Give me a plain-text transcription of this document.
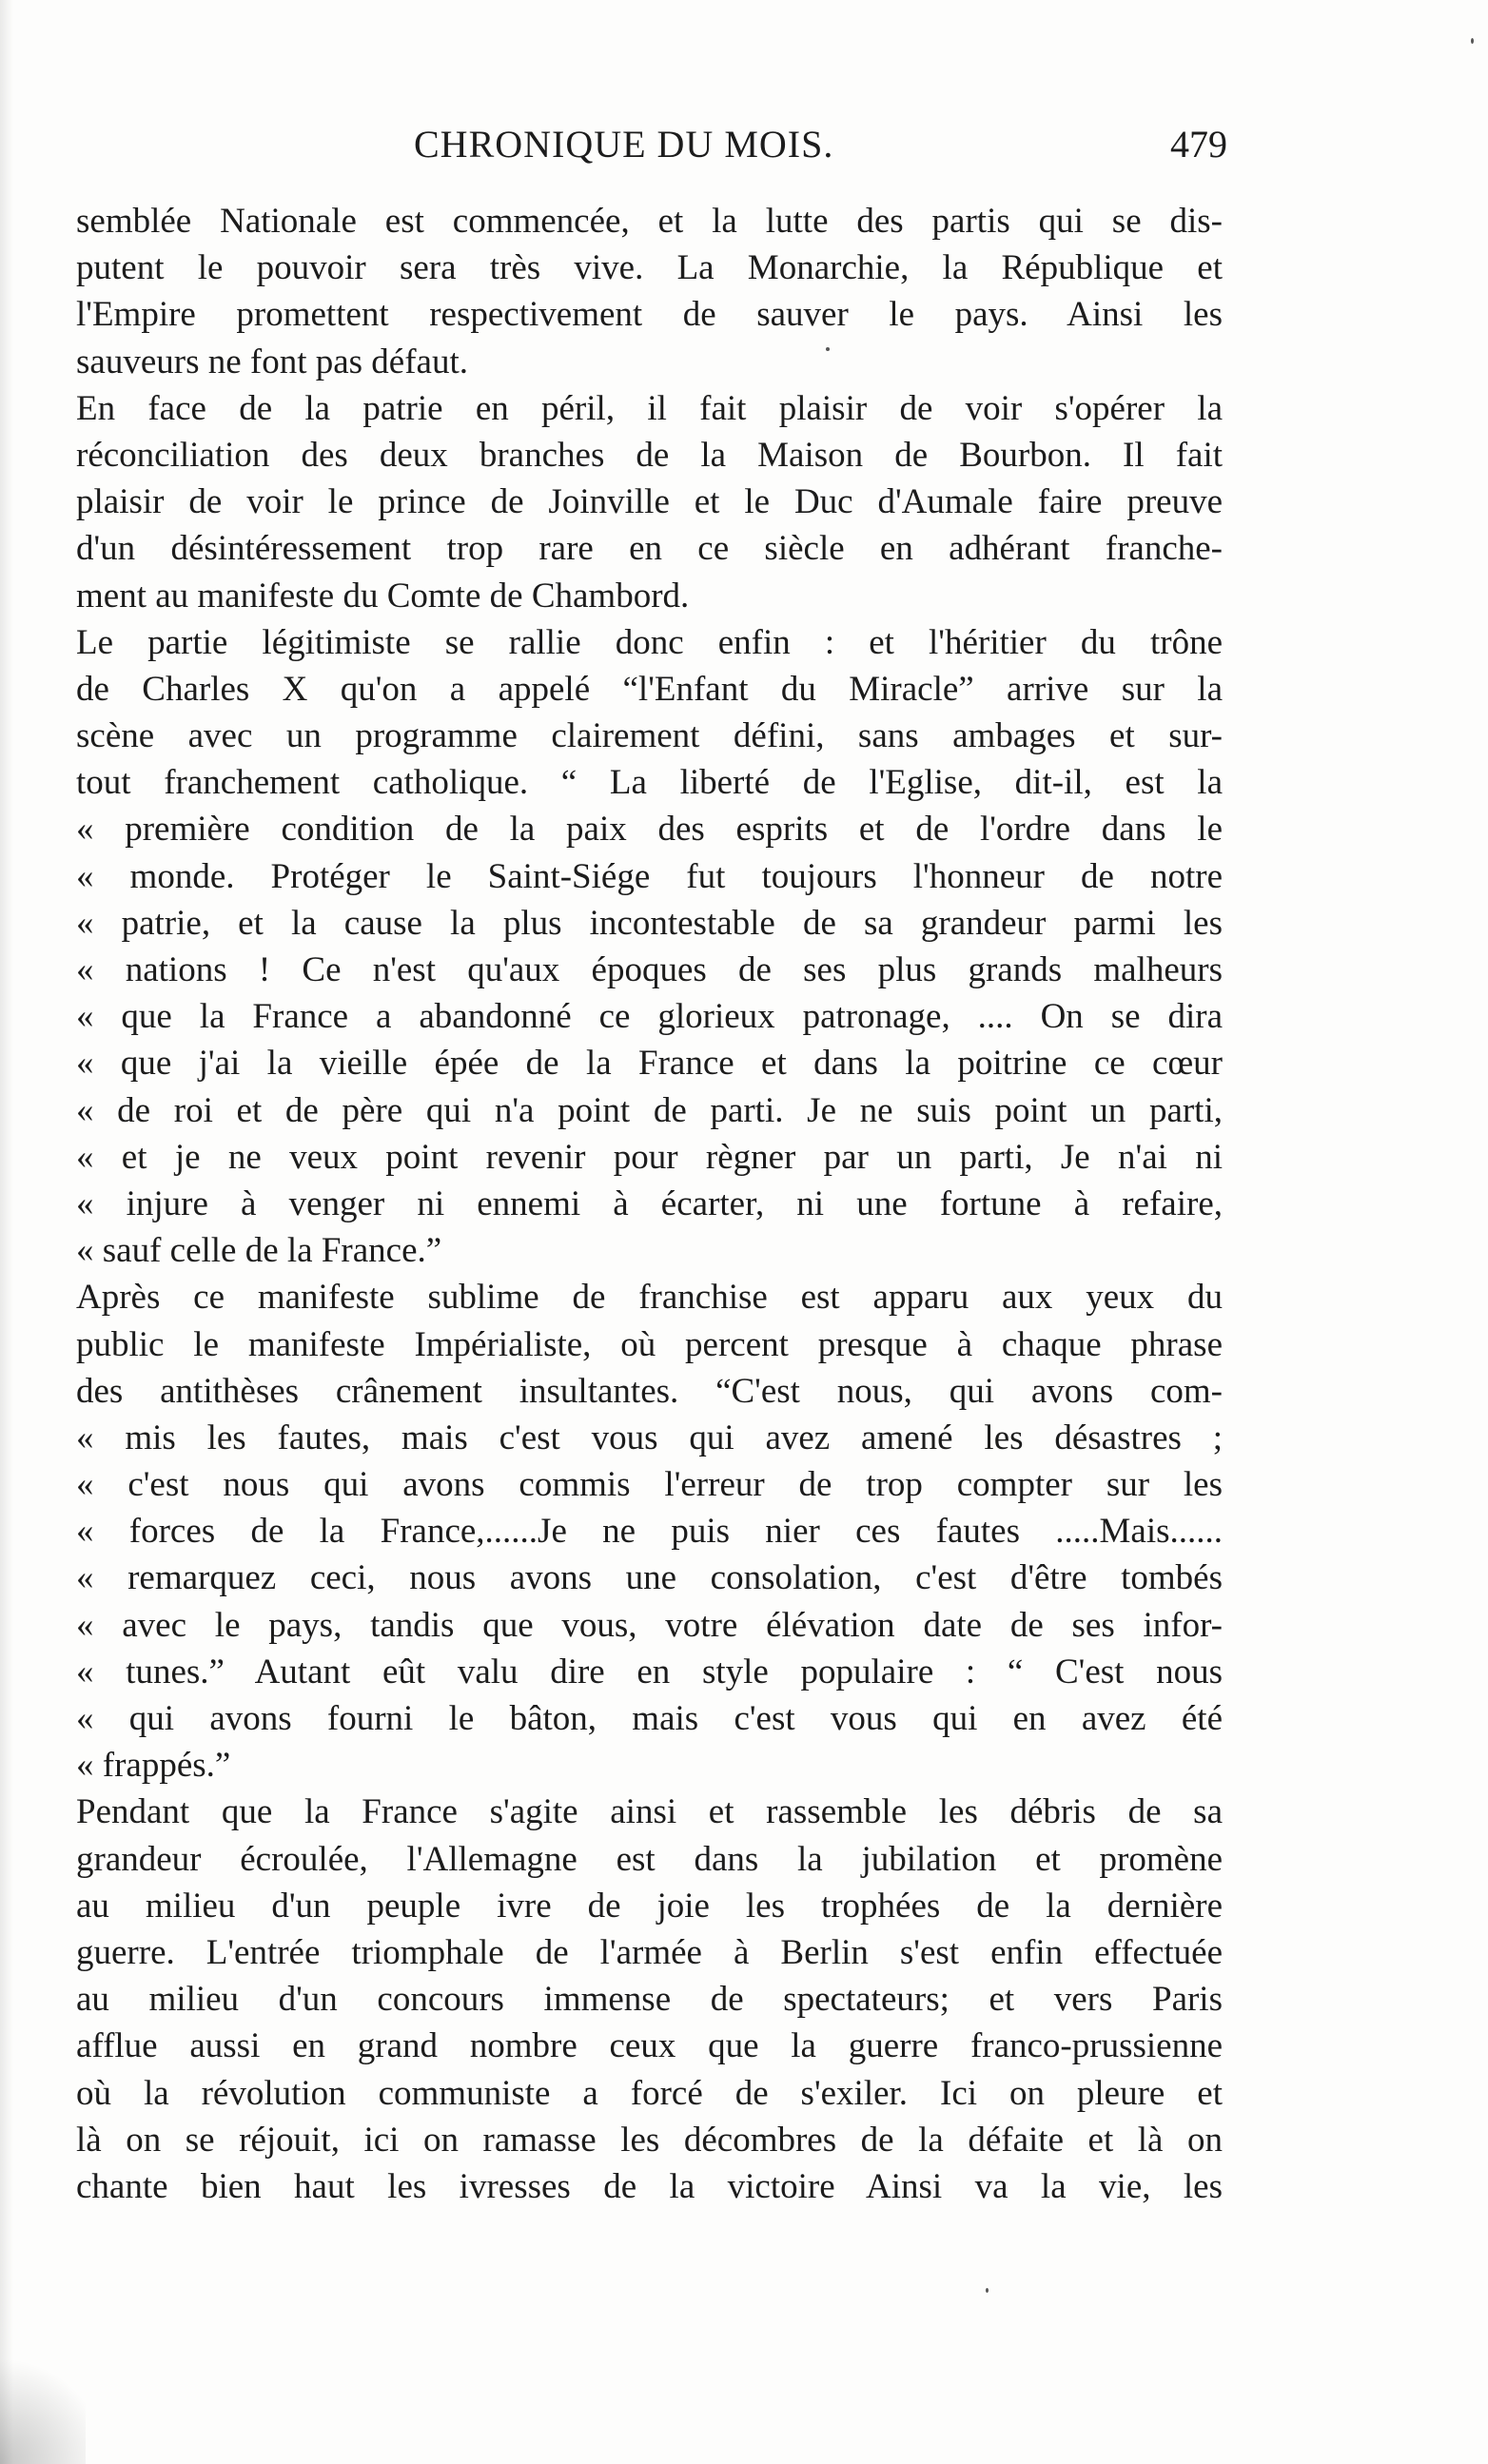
CHRONIQUE DU MOIS.	479
semblée Nationale est commencée, et la lutte des partis qui se dis-
putent le pouvoir sera très vive. La Monarchie, la République et
l'Empire promettent respectivement de sauver le pays. Ainsi les
sauveurs ne font pas défaut.
En face de la patrie en péril, il fait plaisir de voir s'opérer la
réconciliation des deux branches de la Maison de Bourbon. Il fait
plaisir de voir le prince de Joinville et le Duc d'Aumale faire preuve
d'un désintéressement trop rare en ce siècle en adhérant franche-
ment au manifeste du Comte de Chambord.
Le partie légitimiste se rallie donc enfin : et l'héritier du trône
de Charles X qu'on a appelé “l'Enfant du Miracle” arrive sur la
scène avec un programme clairement défini, sans ambages et sur-
tout franchement catholique. “ La liberté de l'Eglise, dit-il, est la
« première condition de la paix des esprits et de l'ordre dans le
« monde. Protéger le Saint-Siége fut toujours l'honneur de notre
« patrie, et la cause la plus incontestable de sa grandeur parmi les
« nations ! Ce n'est qu'aux époques de ses plus grands malheurs
« que la France a abandonné ce glorieux patronage, .... On se dira
« que j'ai la vieille épée de la France et dans la poitrine ce cœur
« de roi et de père qui n'a point de parti. Je ne suis point un parti,
« et je ne veux point revenir pour règner par un parti, Je n'ai ni
« injure à venger ni ennemi à écarter, ni une fortune à refaire,
« sauf celle de la France.”
Après ce manifeste sublime de franchise est apparu aux yeux du
public le manifeste Impérialiste, où percent presque à chaque phrase
des antithèses crânement insultantes. “C'est nous, qui avons com-
« mis les fautes, mais c'est vous qui avez amené les désastres ;
« c'est nous qui avons commis l'erreur de trop compter sur les
« forces de la France,......Je ne puis nier ces fautes .....Mais......
« remarquez ceci, nous avons une consolation, c'est d'être tombés
« avec le pays, tandis que vous, votre élévation date de ses infor-
« tunes.” Autant eût valu dire en style populaire : “ C'est nous
« qui avons fourni le bâton, mais c'est vous qui en avez été
« frappés.”
Pendant que la France s'agite ainsi et rassemble les débris de sa
grandeur écroulée, l'Allemagne est dans la jubilation et promène
au milieu d'un peuple ivre de joie les trophées de la dernière
guerre. L'entrée triomphale de l'armée à Berlin s'est enfin effectuée
au milieu d'un concours immense de spectateurs; et vers Paris
afflue aussi en grand nombre ceux que la guerre franco-prussienne
où la révolution communiste a forcé de s'exiler. Ici on pleure et
là on se réjouit, ici on ramasse les décombres de la défaite et là on
chante bien haut les ivresses de la victoire Ainsi va la vie, les
